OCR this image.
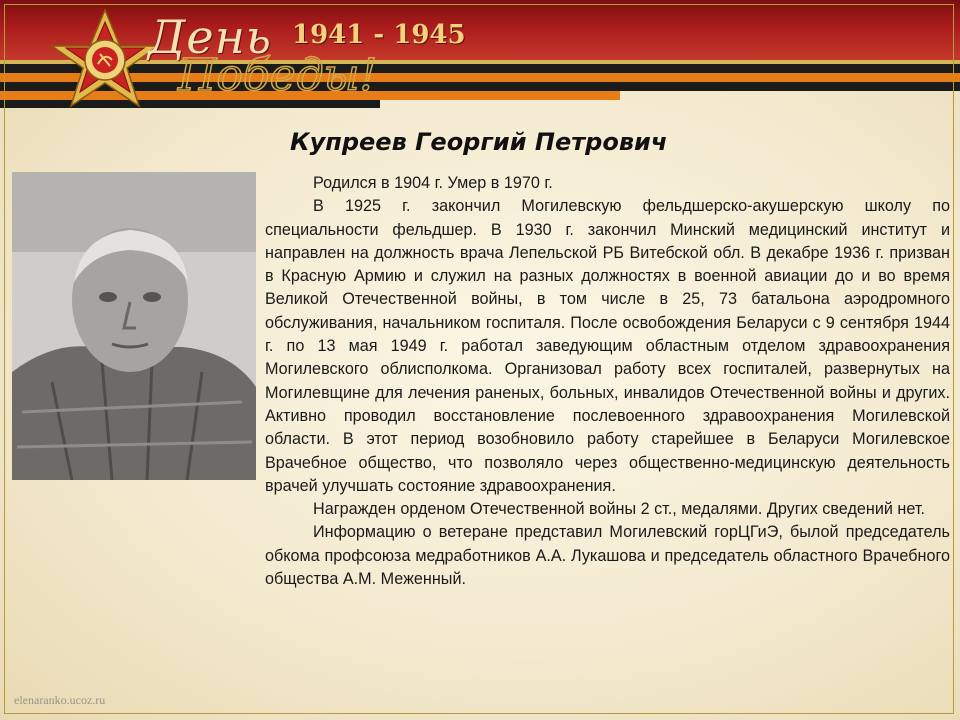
День
Победы!
1941 - 1945
Купреев Георгий Петрович

Родился в 1904 г. Умер в 1970 г.

В 1925 г. закончил Могилевскую фельдшерско-акушерскую школу по специальности фельдшер. В 1930 г. закончил Минский медицинский институт и направлен на должность врача Лепельской РБ Витебской обл. В декабре 1936 г. призван в Красную Армию и служил на разных должностях в военной авиации до и во время Великой Отечественной войны, в том числе в 25, 73 батальона аэродромного обслуживания, начальником госпиталя. После освобождения Беларуси с 9 сентября 1944 г. по 13 мая 1949 г. работал заведующим областным отделом здравоохранения Могилевского облисполкома. Организовал работу всех госпиталей, развернутых на Могилевщине для лечения раненых, больных, инвалидов Отечественной войны и других. Активно проводил восстановление послевоенного здравоохранения Могилевской области. В этот период возобновило работу старейшее в Беларуси Могилевское Врачебное общество, что позволяло через общественно-медицинскую деятельность врачей улучшать состояние здравоохранения.

Награжден орденом Отечественной войны 2 ст., медалями. Других сведений нет.

Информацию о ветеране представил Могилевский горЦГиЭ, былой председатель обкома профсоюза медработников А.А. Лукашова и председатель областного Врачебного общества А.М. Меженный.

elenaranko.ucoz.ru
